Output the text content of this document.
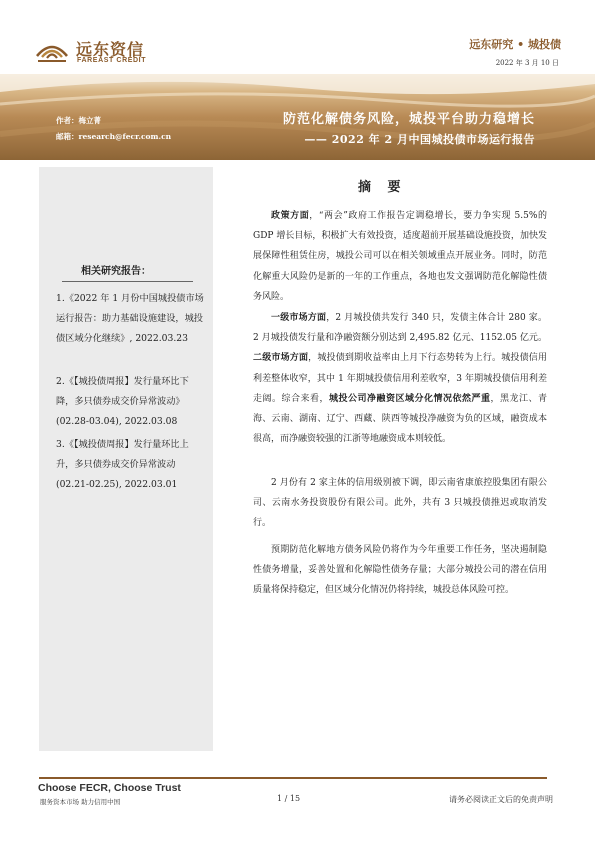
远东资信
FAREAST CREDIT
远东研究 • 城投债
2022 年 3 月 10 日
作者：梅立菁
邮箱：research@fecr.com.cn
防范化解债务风险，城投平台助力稳增长
—— 2022 年 2 月中国城投债市场运行报告
相关研究报告：
1.《2022 年 1 月份中国城投债市场运行报告：助力基础设施建设，城投债区域分化继续》, 2022.03.23
2.《【城投债周报】发行量环比下降，多只债券成交价异常波动》(02.28-03.04), 2022.03.08
3.《【城投债周报】发行量环比上升，多只债券成交价异常波动 (02.21-02.25), 2022.03.01
摘 要

政策方面，“两会”政府工作报告定调稳增长，要力争实现 5.5%的 GDP 增长目标，积极扩大有效投资，适度超前开展基础设施投资，加快发展保障性租赁住房，城投公司可以在相关领域重点开展业务。同时，防范化解重大风险仍是新的一年的工作重点，各地也发文强调防范化解隐性债务风险。

一级市场方面，2 月城投债共发行 340 只，发债主体合计 280 家。2 月城投债发行量和净融资额分别达到 2,495.82 亿元、1152.05 亿元。二级市场方面，城投债到期收益率由上月下行态势转为上行。城投债信用利差整体收窄，其中 1 年期城投债信用利差收窄，3 年期城投债信用利差走阔。综合来看，城投公司净融资区域分化情况依然严重，黑龙江、青海、云南、湖南、辽宁、西藏、陕西等城投净融资为负的区域，融资成本很高，而净融资较强的江浙等地融资成本则较低。

2 月份有 2 家主体的信用级别被下调，即云南省康旅控股集团有限公司、云南水务投资股份有限公司。此外，共有 3 只城投债推迟或取消发行。

预期防范化解地方债务风险仍将作为今年重要工作任务，坚决遏制隐性债务增量，妥善处置和化解隐性债务存量；大部分城投公司的潜在信用质量将保持稳定，但区域分化情况仍将持续，城投总体风险可控。

Choose FECR, Choose Trust
服务资本市场 助力信用中国	1 / 15	请务必阅读正文后的免责声明
